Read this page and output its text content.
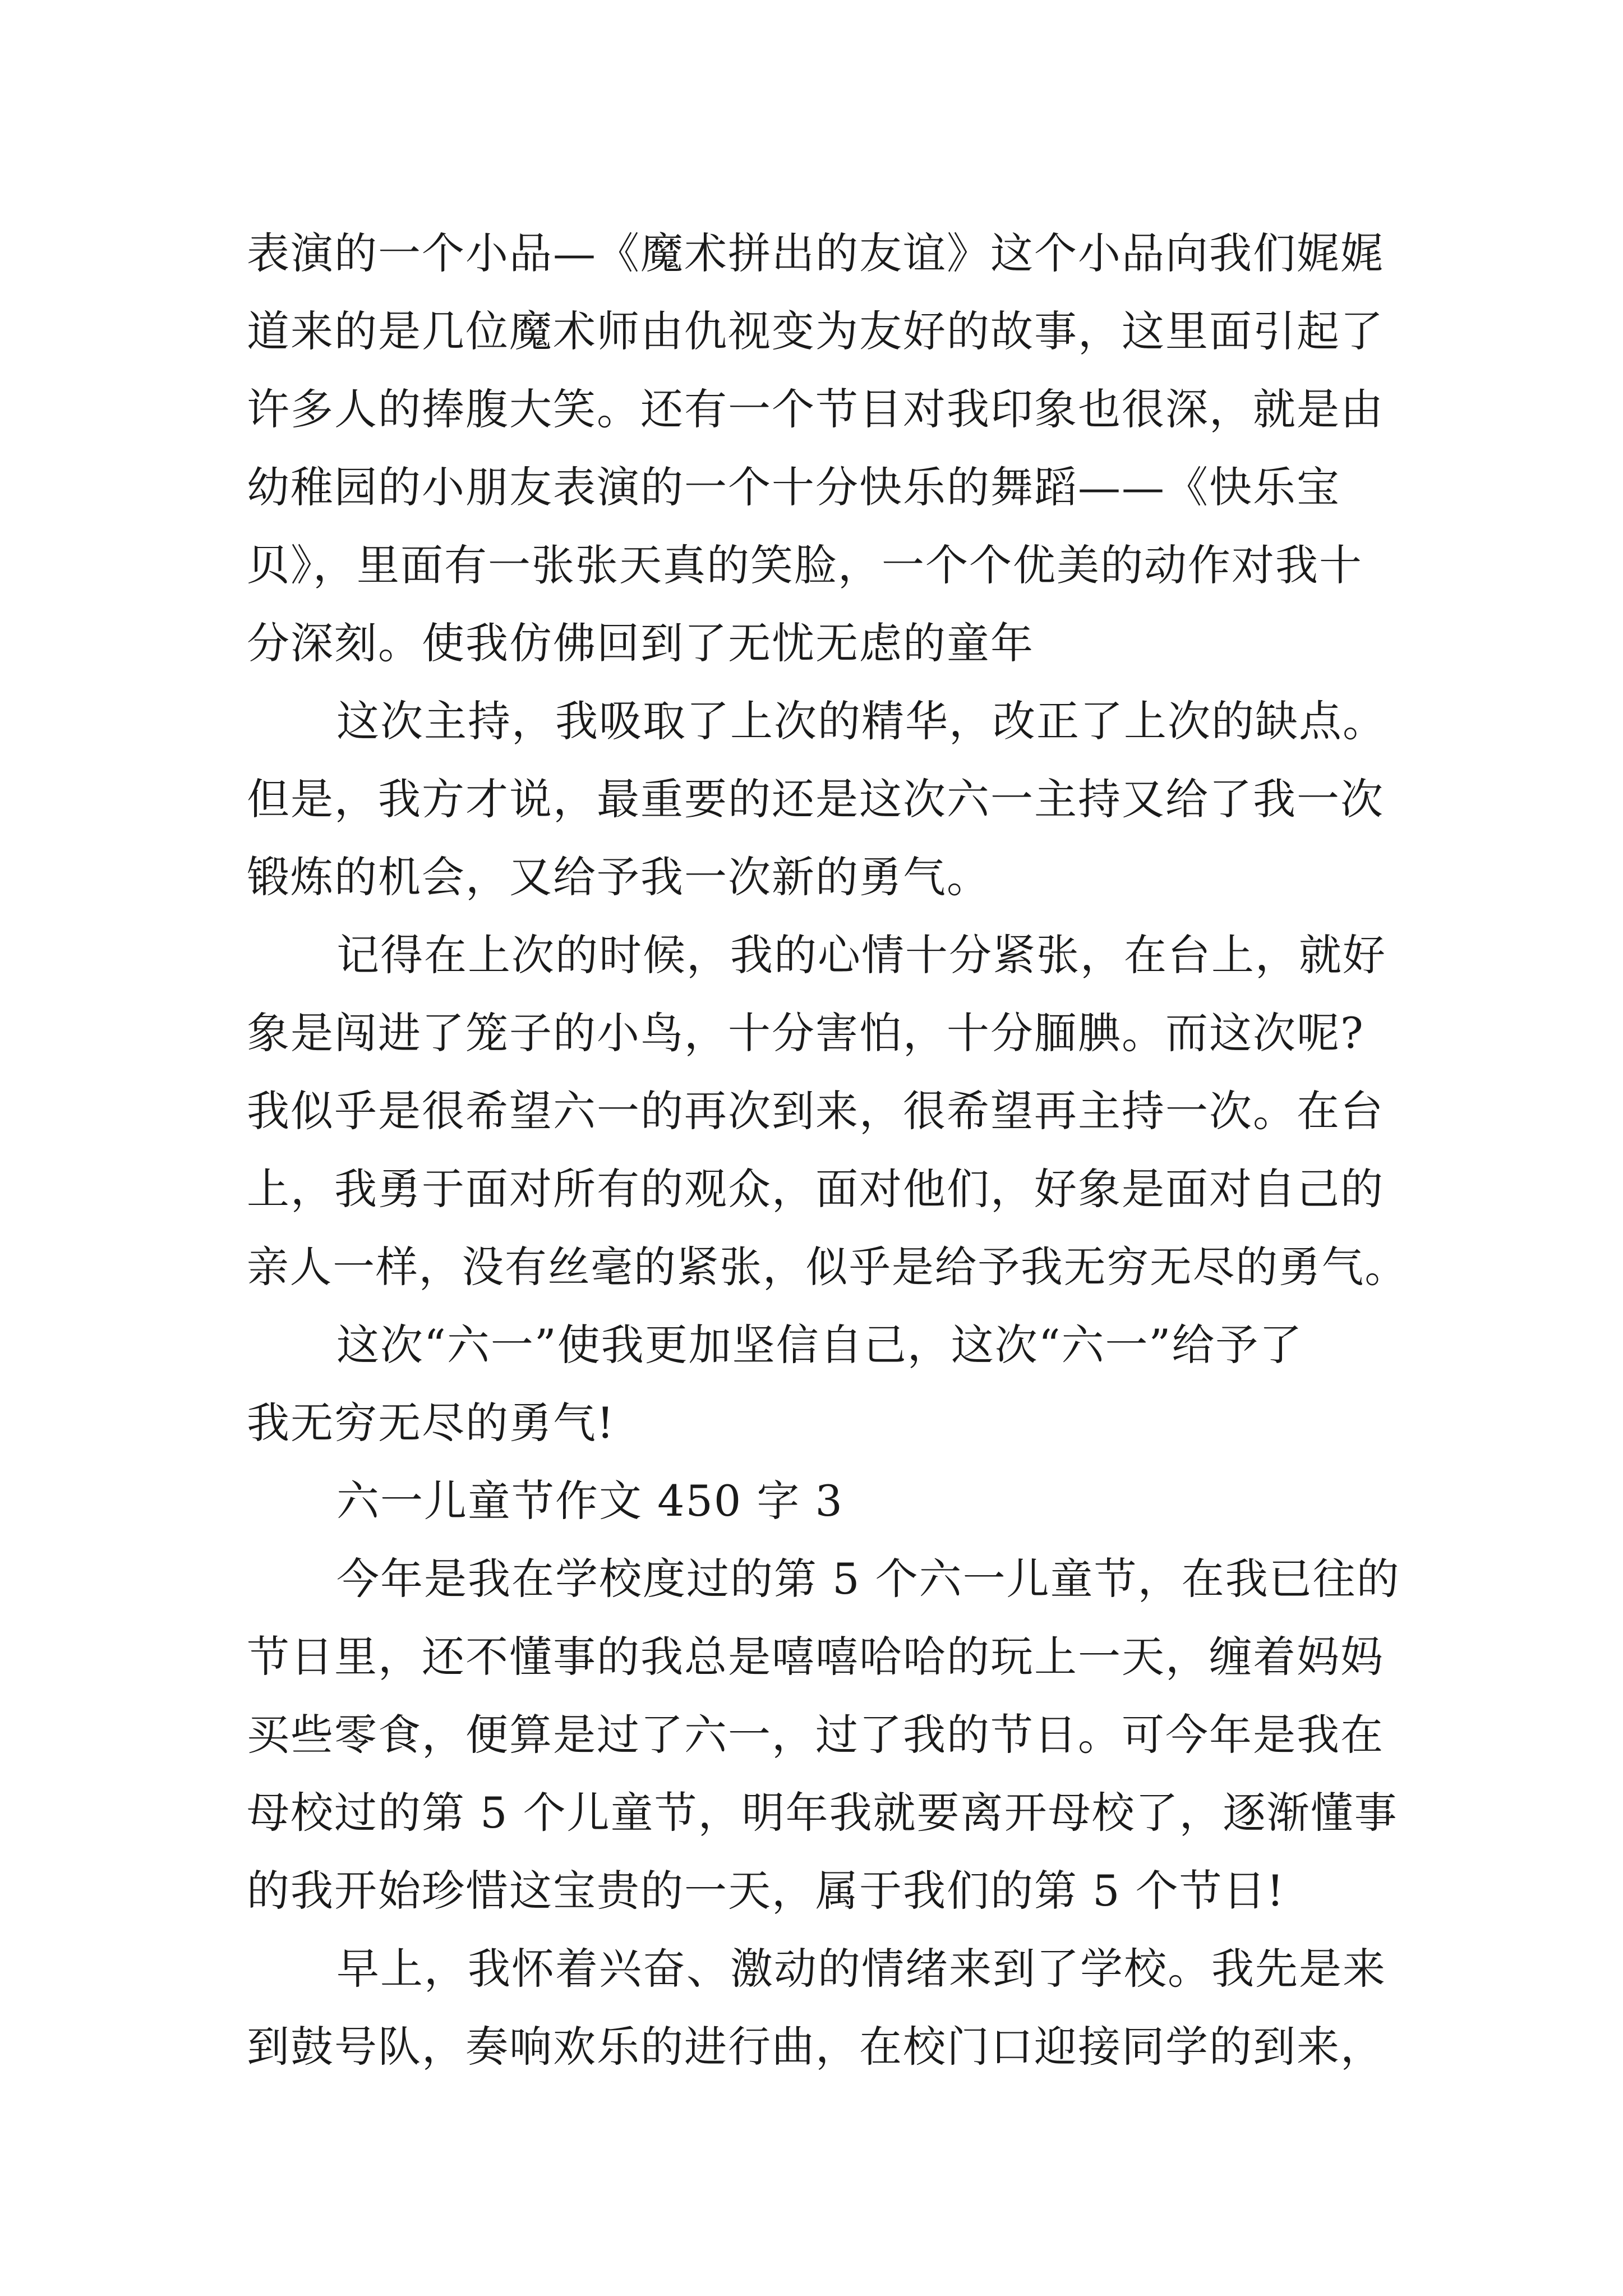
表演的一个小品—《魔术拼出的友谊》这个小品向我们娓娓
道来的是几位魔术师由仇视变为友好的故事，这里面引起了
许多人的捧腹大笑。还有一个节目对我印象也很深，就是由
幼稚园的小朋友表演的一个十分快乐的舞蹈——《快乐宝
贝》，里面有一张张天真的笑脸，一个个优美的动作对我十
分深刻。使我仿佛回到了无忧无虑的童年
这次主持，我吸取了上次的精华，改正了上次的缺点。
但是，我方才说，最重要的还是这次六一主持又给了我一次
锻炼的机会，又给予我一次新的勇气。
记得在上次的时候，我的心情十分紧张，在台上，就好
象是闯进了笼子的小鸟，十分害怕，十分腼腆。而这次呢?
我似乎是很希望六一的再次到来，很希望再主持一次。在台
上，我勇于面对所有的观众，面对他们，好象是面对自己的
亲人一样，没有丝毫的紧张，似乎是给予我无穷无尽的勇气。
这次“六一”使我更加坚信自己，这次“六一”给予了
我无穷无尽的勇气!
六一儿童节作文 450 字 3
今年是我在学校度过的第 5 个六一儿童节，在我已往的
节日里，还不懂事的我总是嘻嘻哈哈的玩上一天，缠着妈妈
买些零食，便算是过了六一，过了我的节日。可今年是我在
母校过的第 5 个儿童节，明年我就要离开母校了，逐渐懂事
的我开始珍惜这宝贵的一天，属于我们的第 5 个节日!
早上，我怀着兴奋、激动的情绪来到了学校。我先是来
到鼓号队，奏响欢乐的进行曲，在校门口迎接同学的到来，
